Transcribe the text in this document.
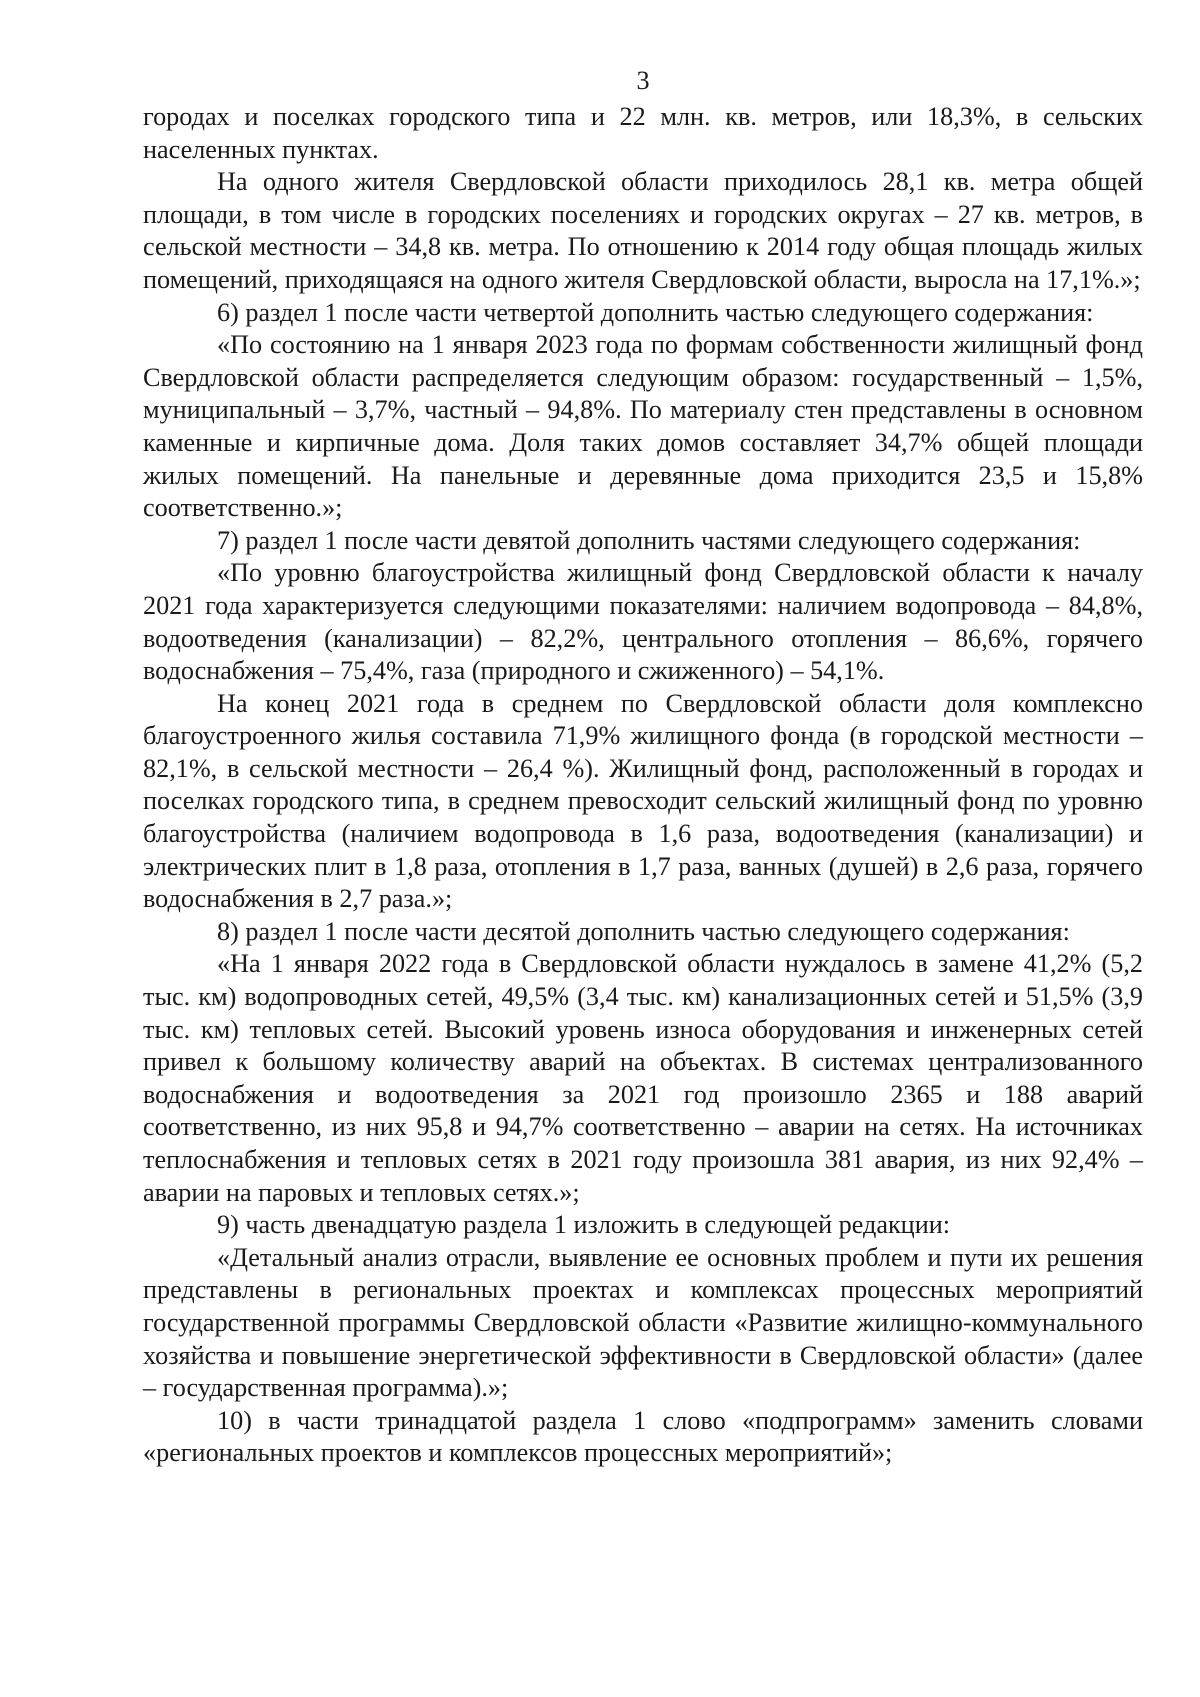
3

городах и поселках городского типа и 22 млн. кв. метров, или 18,3%, в сельских населенных пунктах.

На одного жителя Свердловской области приходилось 28,1 кв. метра общей площади, в том числе в городских поселениях и городских округах – 27 кв. метров, в сельской местности – 34,8 кв. метра. По отношению к 2014 году общая площадь жилых помещений, приходящаяся на одного жителя Свердловской области, выросла на 17,1%.»;

6) раздел 1 после части четвертой дополнить частью следующего содержания:

«По состоянию на 1 января 2023 года по формам собственности жилищный фонд Свердловской области распределяется следующим образом: государственный – 1,5%, муниципальный – 3,7%, частный – 94,8%. По материалу стен представлены в основном каменные и кирпичные дома. Доля таких домов составляет 34,7% общей площади жилых помещений. На панельные и деревянные дома приходится 23,5 и 15,8% соответственно.»;

7) раздел 1 после части девятой дополнить частями следующего содержания:

«По уровню благоустройства жилищный фонд Свердловской области к началу 2021 года характеризуется следующими показателями: наличием водопровода – 84,8%, водоотведения (канализации) – 82,2%, центрального отопления – 86,6%, горячего водоснабжения – 75,4%, газа (природного и сжиженного) – 54,1%.

На конец 2021 года в среднем по Свердловской области доля комплексно благоустроенного жилья составила 71,9% жилищного фонда (в городской местности – 82,1%, в сельской местности – 26,4 %). Жилищный фонд, расположенный в городах и поселках городского типа, в среднем превосходит сельский жилищный фонд по уровню благоустройства (наличием водопровода в 1,6 раза, водоотведения (канализации) и электрических плит в 1,8 раза, отопления в 1,7 раза, ванных (душей) в 2,6 раза, горячего водоснабжения в 2,7 раза.»;

8) раздел 1 после части десятой дополнить частью следующего содержания:

«На 1 января 2022 года в Свердловской области нуждалось в замене 41,2% (5,2 тыс. км) водопроводных сетей, 49,5% (3,4 тыс. км) канализационных сетей и 51,5% (3,9 тыс. км) тепловых сетей. Высокий уровень износа оборудования и инженерных сетей привел к большому количеству аварий на объектах. В системах централизованного водоснабжения и водоотведения за 2021 год произошло 2365 и 188 аварий соответственно, из них 95,8 и 94,7% соответственно – аварии на сетях. На источниках теплоснабжения и тепловых сетях в 2021 году произошла 381 авария, из них 92,4% – аварии на паровых и тепловых сетях.»;

9) часть двенадцатую раздела 1 изложить в следующей редакции:

«Детальный анализ отрасли, выявление ее основных проблем и пути их решения представлены в региональных проектах и комплексах процессных мероприятий государственной программы Свердловской области «Развитие жилищно-коммунального хозяйства и повышение энергетической эффективности в Свердловской области» (далее – государственная программа).»;

10) в части тринадцатой раздела 1 слово «подпрограмм» заменить словами «региональных проектов и комплексов процессных мероприятий»;
